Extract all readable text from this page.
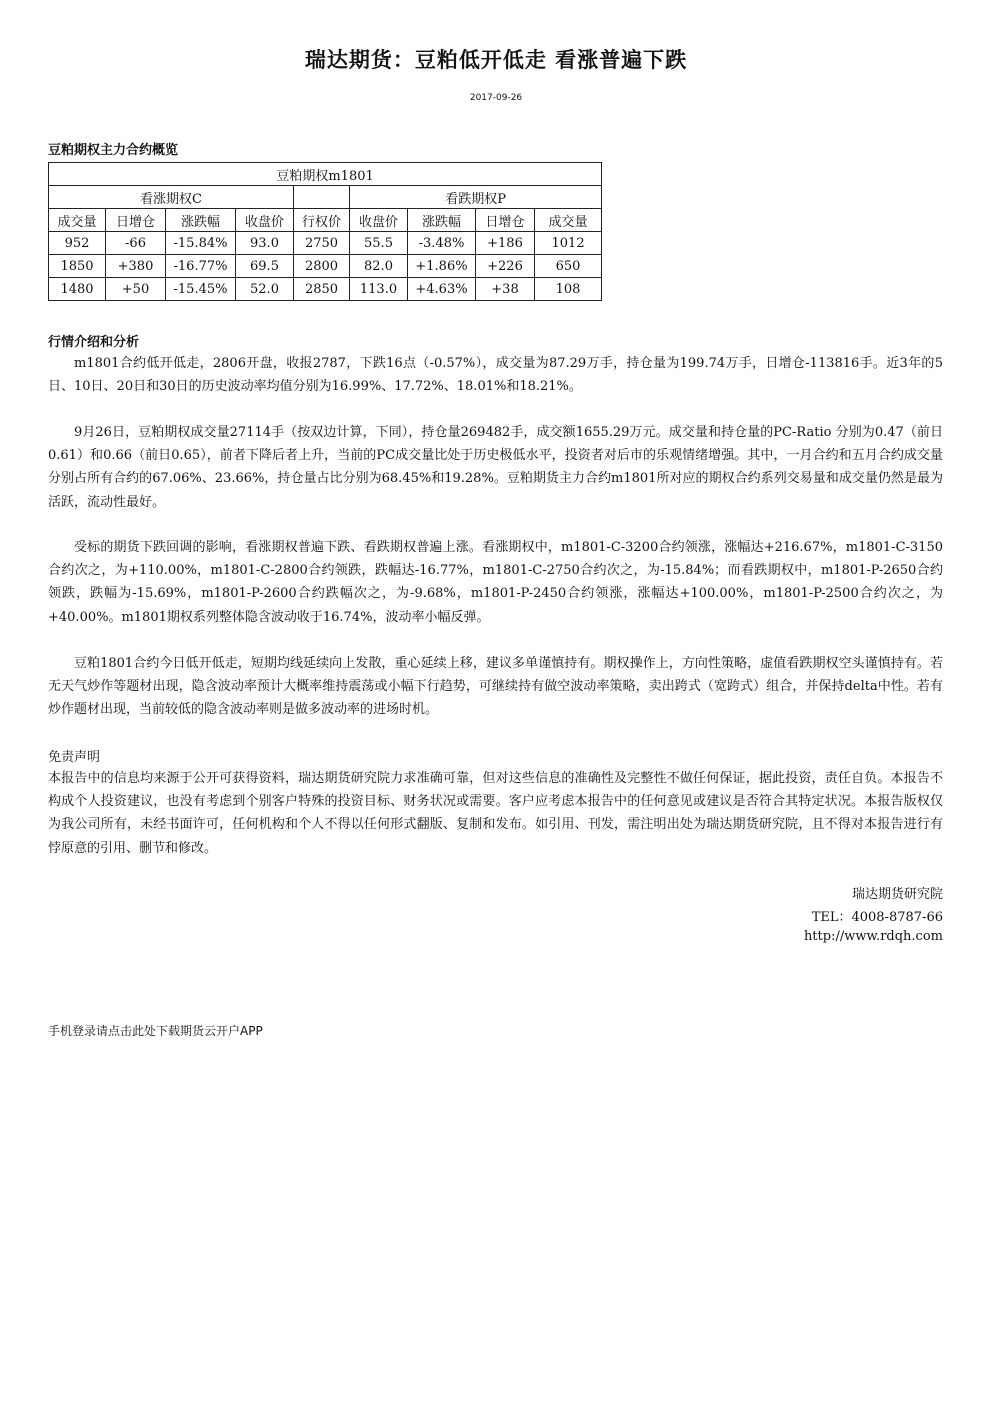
瑞达期货：豆粕低开低走 看涨普遍下跌
2017-09-26
豆粕期权主力合约概览
豆粕期权m1801								
看涨期权C					看跌期权P			
成交量	日增仓	涨跌幅	收盘价	行权价	收盘价	涨跌幅	日增仓	成交量
952	-66	-15.84%	93.0	2750	55.5	-3.48%	+186	1012
1850	+380	-16.77%	69.5	2800	82.0	+1.86%	+226	650
1480	+50	-15.45%	52.0	2850	113.0	+4.63%	+38	108
行情介绍和分析
m1801合约低开低走，2806开盘，收报2787，下跌16点（-0.57%），成交量为87.29万手，持仓量为199.74万手，日增仓-113816手。近3年的5日、10日、20日和30日的历史波动率均值分别为16.99%、17.72%、18.01%和18.21%。
9月26日，豆粕期权成交量27114手（按双边计算，下同），持仓量269482手，成交额1655.29万元。成交量和持仓量的PC-Ratio 分别为0.47（前日0.61）和0.66（前日0.65），前者下降后者上升，当前的PC成交量比处于历史极低水平，投资者对后市的乐观情绪增强。其中，一月合约和五月合约成交量分别占所有合约的67.06%、23.66%，持仓量占比分别为68.45%和19.28%。豆粕期货主力合约m1801所对应的期权合约系列交易量和成交量仍然是最为活跃，流动性最好。
受标的期货下跌回调的影响，看涨期权普遍下跌、看跌期权普遍上涨。看涨期权中，m1801-C-3200合约领涨，涨幅达+216.67%，m1801-C-3150合约次之，为+110.00%，m1801-C-2800合约领跌，跌幅达-16.77%，m1801-C-2750合约次之，为-15.84%；而看跌期权中，m1801-P-2650合约领跌，跌幅为-15.69%，m1801-P-2600合约跌幅次之，为-9.68%，m1801-P-2450合约领涨，涨幅达+100.00%，m1801-P-2500合约次之，为+40.00%。m1801期权系列整体隐含波动收于16.74%，波动率小幅反弹。
豆粕1801合约今日低开低走，短期均线延续向上发散，重心延续上移，建议多单谨慎持有。期权操作上，方向性策略，虚值看跌期权空头谨慎持有。若无天气炒作等题材出现，隐含波动率预计大概率维持震荡或小幅下行趋势，可继续持有做空波动率策略，卖出跨式（宽跨式）组合，并保持delta中性。若有炒作题材出现，当前较低的隐含波动率则是做多波动率的进场时机。
免责声明
本报告中的信息均来源于公开可获得资料，瑞达期货研究院力求准确可靠，但对这些信息的准确性及完整性不做任何保证，据此投资，责任自负。本报告不构成个人投资建议，也没有考虑到个别客户特殊的投资目标、财务状况或需要。客户应考虑本报告中的任何意见或建议是否符合其特定状况。本报告版权仅为我公司所有，未经书面许可，任何机构和个人不得以任何形式翻版、复制和发布。如引用、刊发，需注明出处为瑞达期货研究院，且不得对本报告进行有悖原意的引用、删节和修改。
瑞达期货研究院
TEL：4008-8787-66
http://www.rdqh.com
手机登录请点击此处下载期货云开户APP
